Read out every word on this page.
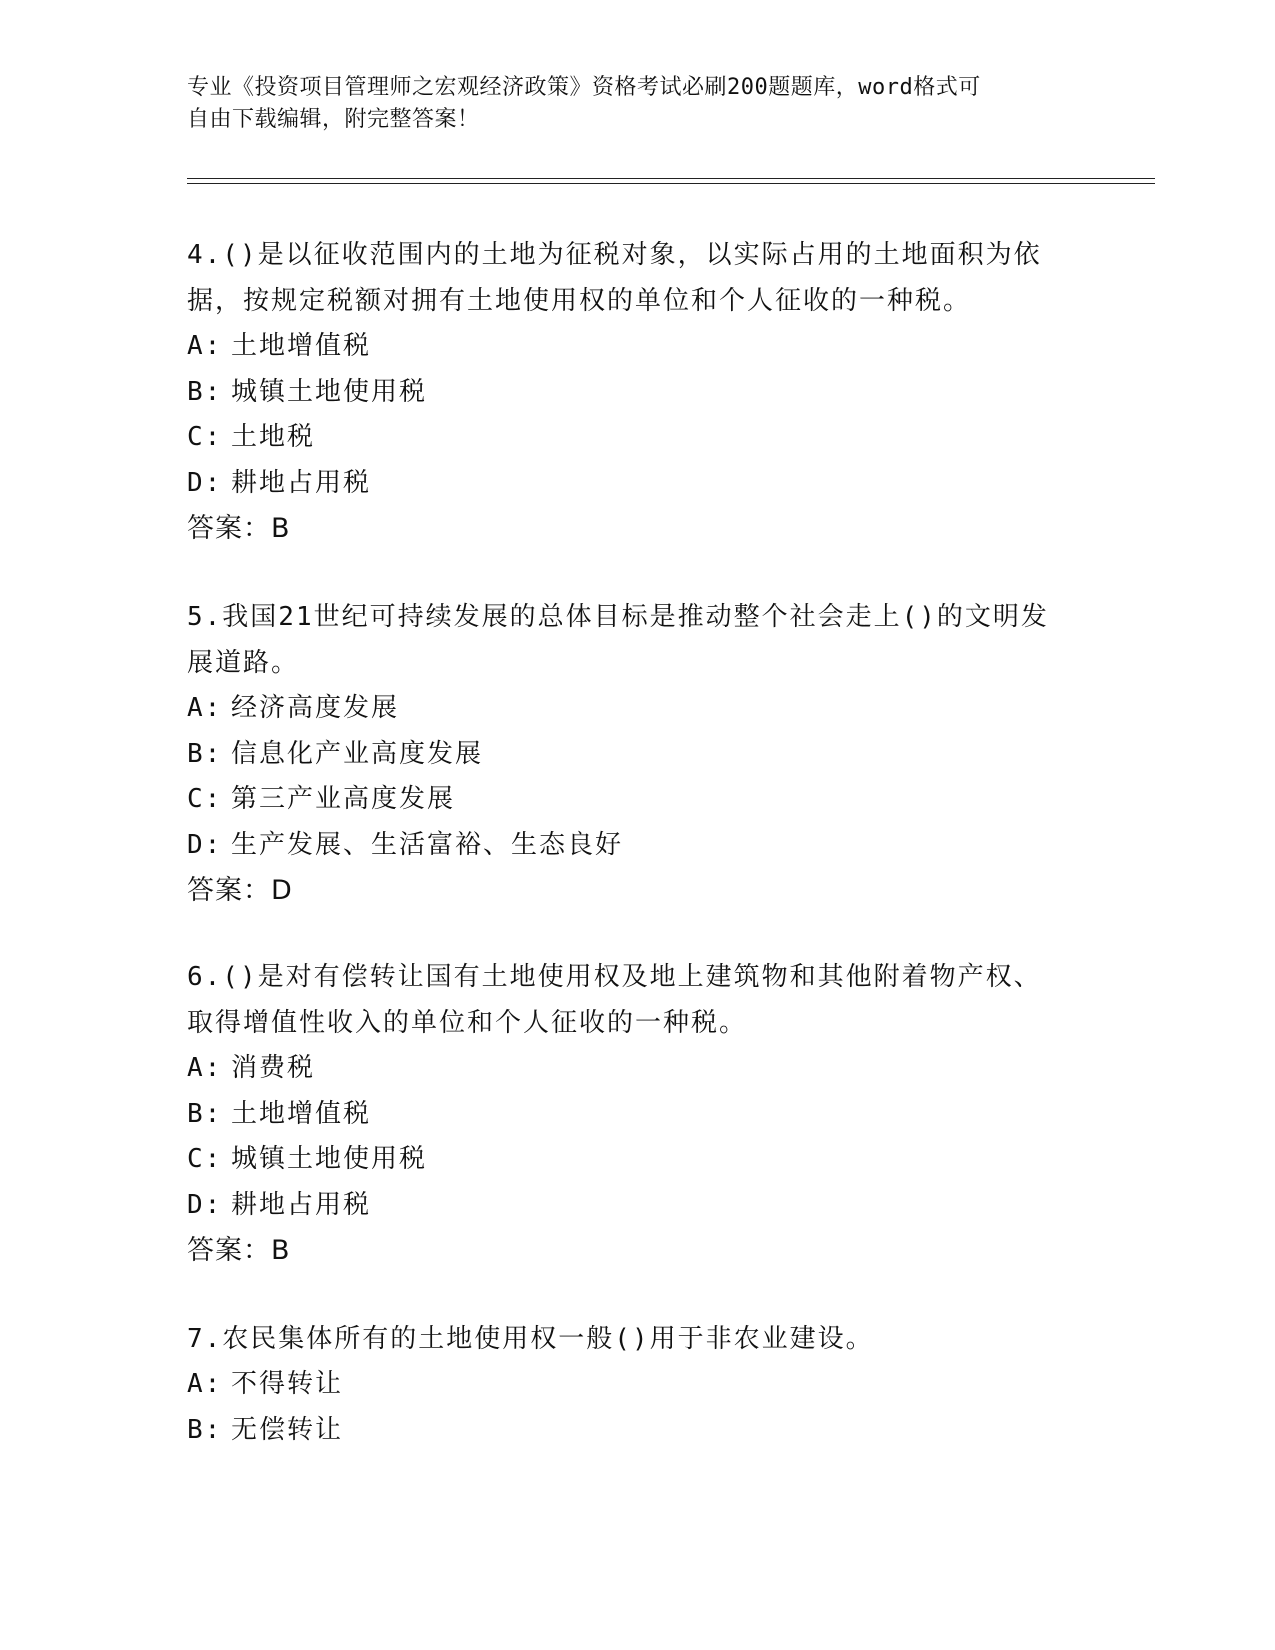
专业《投资项目管理师之宏观经济政策》资格考试必刷200题题库，word格式可
自由下载编辑，附完整答案！
4.()是以征收范围内的土地为征税对象，以实际占用的土地面积为依
据，按规定税额对拥有土地使用权的单位和个人征收的一种税。
A: 土地增值税
B: 城镇土地使用税
C: 土地税
D: 耕地占用税
答案：B
5.我国21世纪可持续发展的总体目标是推动整个社会走上()的文明发
展道路。
A: 经济高度发展
B: 信息化产业高度发展
C: 第三产业高度发展
D: 生产发展、生活富裕、生态良好
答案：D
6.()是对有偿转让国有土地使用权及地上建筑物和其他附着物产权、
取得增值性收入的单位和个人征收的一种税。
A: 消费税
B: 土地增值税
C: 城镇土地使用税
D: 耕地占用税
答案：B
7.农民集体所有的土地使用权一般()用于非农业建设。
A: 不得转让
B: 无偿转让
